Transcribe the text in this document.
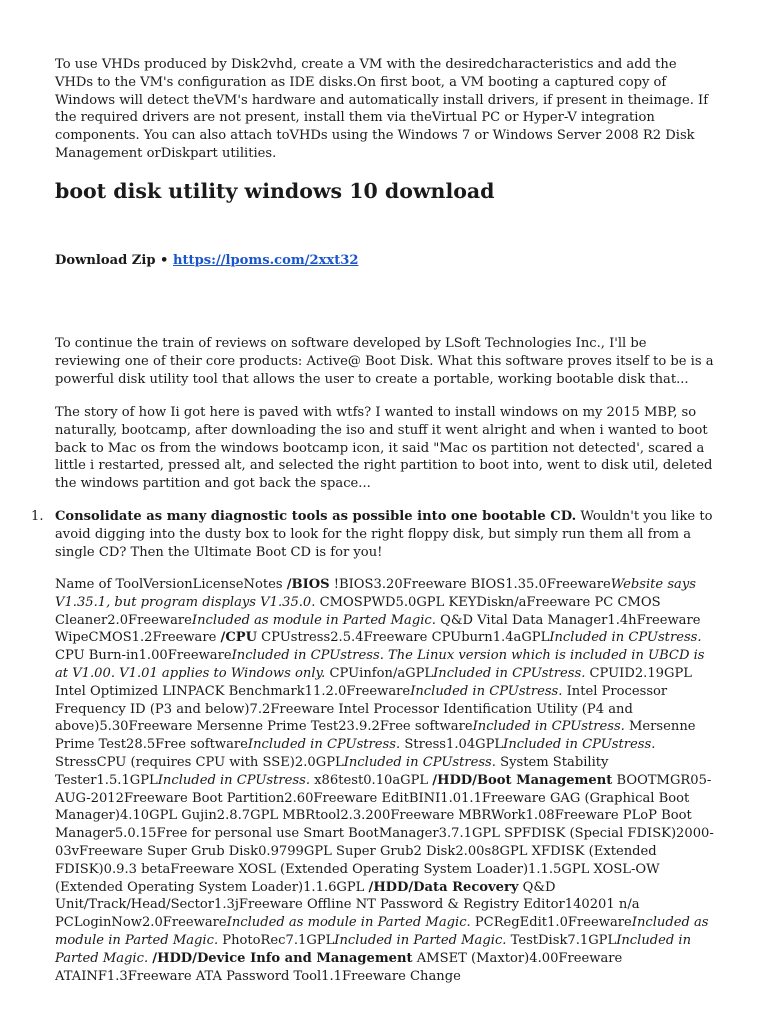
To use VHDs produced by Disk2vhd, create a VM with the desiredcharacteristics and add the VHDs to the VM's configuration as IDE disks.On first boot, a VM booting a captured copy of Windows will detect theVM's hardware and automatically install drivers, if present in theimage. If the required drivers are not present, install them via theVirtual PC or Hyper-V integration components. You can also attach toVHDs using the Windows 7 or Windows Server 2008 R2 Disk Management orDiskpart utilities.

boot disk utility windows 10 download

Download Zip • https://lpoms.com/2xxt32

To continue the train of reviews on software developed by LSoft Technologies Inc., I'll be reviewing one of their core products: Active@ Boot Disk. What this software proves itself to be is a powerful disk utility tool that allows the user to create a portable, working bootable disk that...

The story of how Ii got here is paved with wtfs? I wanted to install windows on my 2015 MBP, so naturally, bootcamp, after downloading the iso and stuff it went alright and when i wanted to boot back to Mac os from the windows bootcamp icon, it said "Mac os partition not detected', scared a little i restarted, pressed alt, and selected the right partition to boot into, went to disk util, deleted the windows partition and got back the space...

1. Consolidate as many diagnostic tools as possible into one bootable CD. Wouldn't you like to avoid digging into the dusty box to look for the right floppy disk, but simply run them all from a single CD? Then the Ultimate Boot CD is for you!

Name of ToolVersionLicenseNotes /BIOS !BIOS3.20Freeware BIOS1.35.0FreewareWebsite says V1.35.1, but program displays V1.35.0. CMOSPWD5.0GPL KEYDiskn/aFreeware PC CMOS Cleaner2.0FreewareIncluded as module in Parted Magic. Q&D Vital Data Manager1.4hFreeware WipeCMOS1.2Freeware /CPU CPUstress2.5.4Freeware CPUburn1.4aGPLIncluded in CPUstress. CPU Burn-in1.00FreewareIncluded in CPUstress. The Linux version which is included in UBCD is at V1.00. V1.01 applies to Windows only. CPUinfon/aGPLIncluded in CPUstress. CPUID2.19GPL Intel Optimized LINPACK Benchmark11.2.0FreewareIncluded in CPUstress. Intel Processor Frequency ID (P3 and below)7.2Freeware Intel Processor Identification Utility (P4 and above)5.30Freeware Mersenne Prime Test23.9.2Free softwareIncluded in CPUstress. Mersenne Prime Test28.5Free softwareIncluded in CPUstress. Stress1.04GPLIncluded in CPUstress. StressCPU (requires CPU with SSE)2.0GPLIncluded in CPUstress. System Stability Tester1.5.1GPLIncluded in CPUstress. x86test0.10aGPL /HDD/Boot Management BOOTMGR05-AUG-2012Freeware Boot Partition2.60Freeware EditBINI1.01.1Freeware GAG (Graphical Boot Manager)4.10GPL Gujin2.8.7GPL MBRtool2.3.200Freeware MBRWork1.08Freeware PLoP Boot Manager5.0.15Free for personal use Smart BootManager3.7.1GPL SPFDISK (Special FDISK)2000-03vFreeware Super Grub Disk0.9799GPL Super Grub2 Disk2.00s8GPL XFDISK (Extended FDISK)0.9.3 betaFreeware XOSL (Extended Operating System Loader)1.1.5GPL XOSL-OW (Extended Operating System Loader)1.1.6GPL /HDD/Data Recovery Q&D Unit/Track/Head/Sector1.3jFreeware Offline NT Password & Registry Editor140201 n/a PCLoginNow2.0FreewareIncluded as module in Parted Magic. PCRegEdit1.0FreewareIncluded as module in Parted Magic. PhotoRec7.1GPLIncluded in Parted Magic. TestDisk7.1GPLIncluded in Parted Magic. /HDD/Device Info and Management AMSET (Maxtor)4.00Freeware ATAINF1.3Freeware ATA Password Tool1.1Freeware Change
